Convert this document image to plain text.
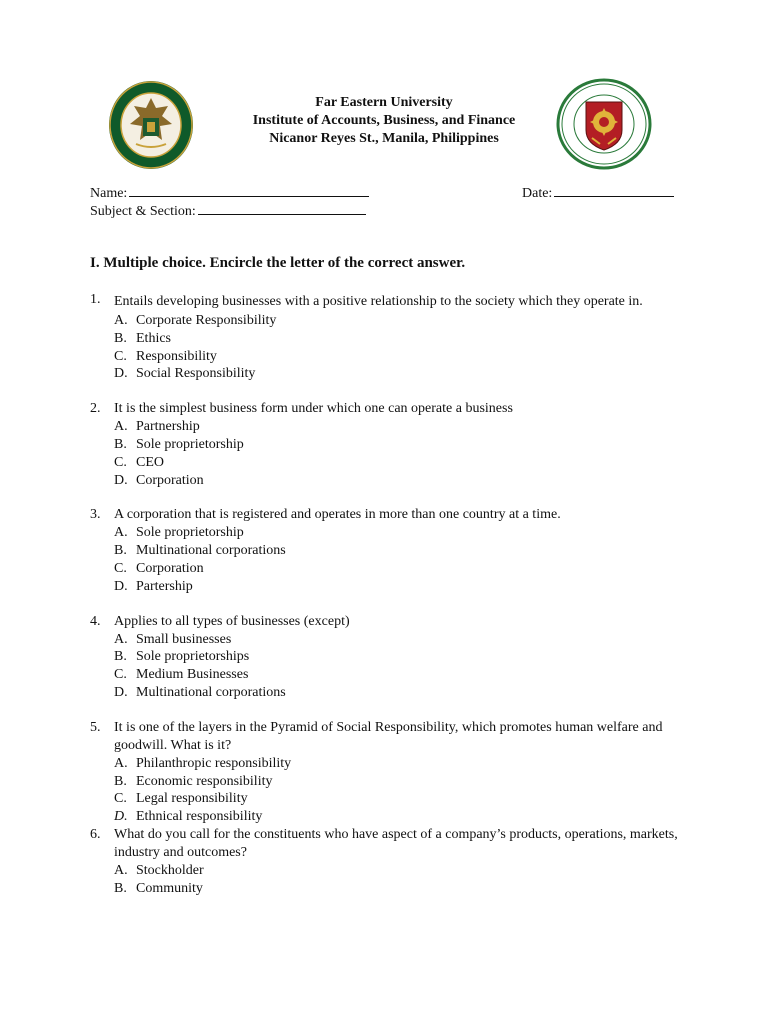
Far Eastern University
Institute of Accounts, Business, and Finance
Nicanor Reyes St., Manila, Philippines
Name:	Date:
Subject & Section:
I. Multiple choice. Encircle the letter of the correct answer.
1. Entails developing businesses with a positive relationship to the society which they operate in.
A. Corporate Responsibility
B. Ethics
C. Responsibility
D. Social Responsibility
2. It is the simplest business form under which one can operate a business
A. Partnership
B. Sole proprietorship
C. CEO
D. Corporation
3. A corporation that is registered and operates in more than one country at a time.
A. Sole proprietorship
B. Multinational corporations
C. Corporation
D. Partership
4. Applies to all types of businesses (except)
A. Small businesses
B. Sole proprietorships
C. Medium Businesses
D. Multinational corporations
5. It is one of the layers in the Pyramid of Social Responsibility, which promotes human welfare and goodwill. What is it?
A. Philanthropic responsibility
B. Economic responsibility
C. Legal responsibility
D. Ethnical responsibility
6. What do you call for the constituents who have aspect of a company’s products, operations, markets, industry and outcomes?
A. Stockholder
B. Community
